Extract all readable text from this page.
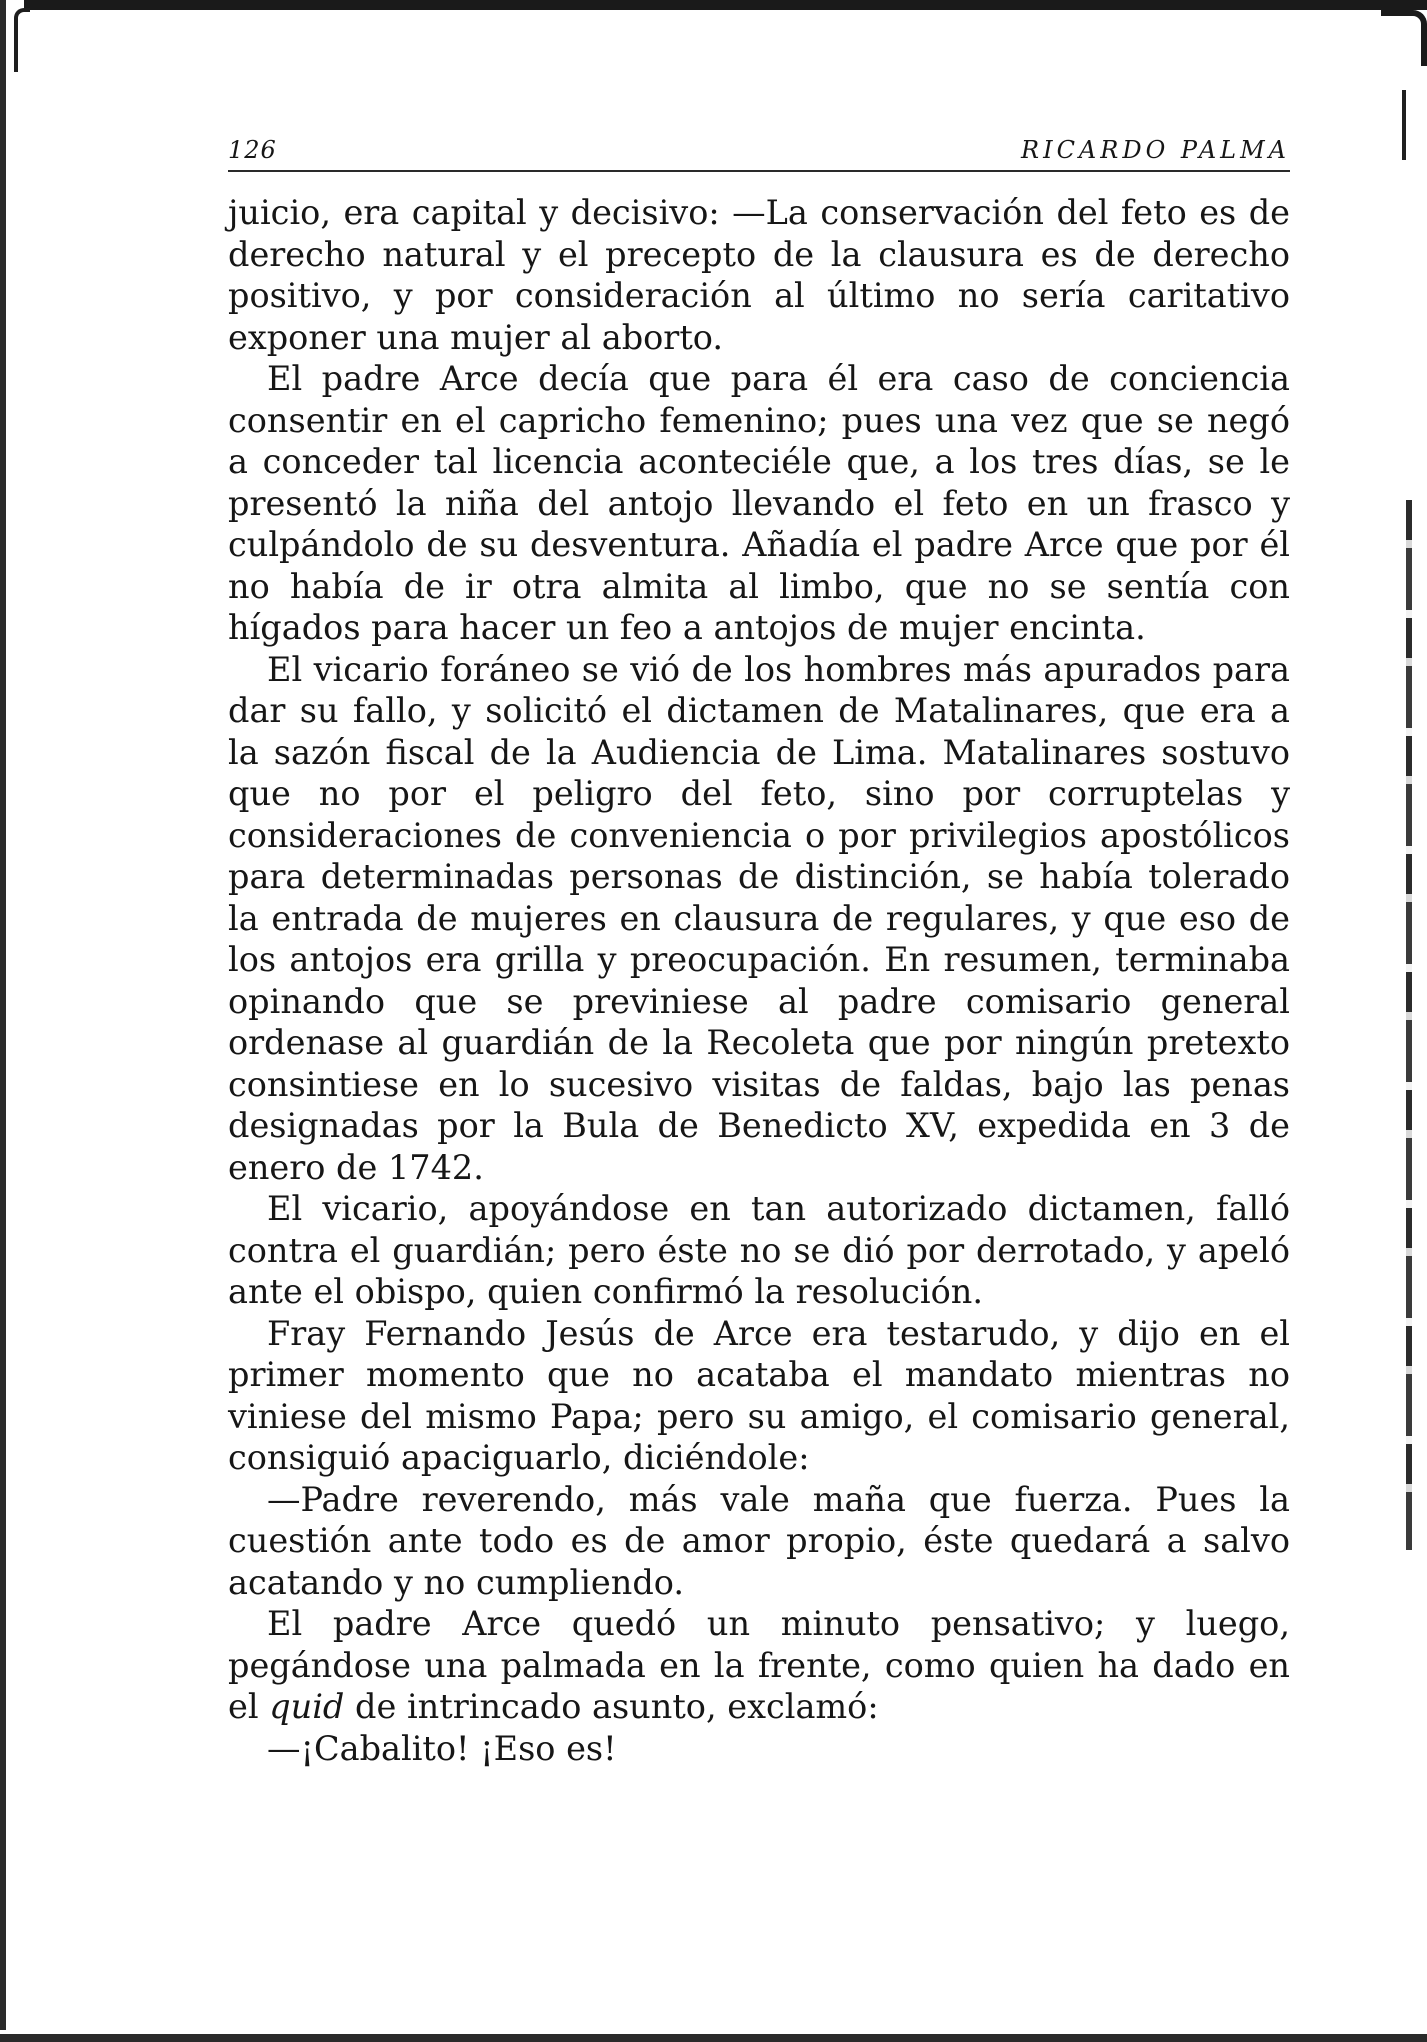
126	RICARDO PALMA

juicio, era capital y decisivo: —La conservación del feto es de derecho natural y el precepto de la clausura es de derecho positivo, y por consideración al último no sería caritativo exponer una mujer al aborto.

El padre Arce decía que para él era caso de conciencia consentir en el capricho femenino; pues una vez que se negó a conceder tal licencia aconteciéle que, a los tres días, se le presentó la niña del antojo llevando el feto en un frasco y culpándolo de su desventura. Añadía el padre Arce que por él no había de ir otra almita al limbo, que no se sentía con hígados para hacer un feo a antojos de mujer encinta.

El vicario foráneo se vió de los hombres más apurados para dar su fallo, y solicitó el dictamen de Matalinares, que era a la sazón fiscal de la Audiencia de Lima. Matalinares sostuvo que no por el peligro del feto, sino por corruptelas y consideraciones de conveniencia o por privilegios apostólicos para determinadas personas de distinción, se había tolerado la entrada de mujeres en clausura de regulares, y que eso de los antojos era grilla y preocupación. En resumen, terminaba opinando que se previniese al padre comisario general ordenase al guardián de la Recoleta que por ningún pretexto consintiese en lo sucesivo visitas de faldas, bajo las penas designadas por la Bula de Benedicto XV, expedida en 3 de enero de 1742.

El vicario, apoyándose en tan autorizado dictamen, falló contra el guardián; pero éste no se dió por derrotado, y apeló ante el obispo, quien confirmó la resolución.

Fray Fernando Jesús de Arce era testarudo, y dijo en el primer momento que no acataba el mandato mientras no viniese del mismo Papa; pero su amigo, el comisario general, consiguió apaciguarlo, diciéndole:

—Padre reverendo, más vale maña que fuerza. Pues la cuestión ante todo es de amor propio, éste quedará a salvo acatando y no cumpliendo.

El padre Arce quedó un minuto pensativo; y luego, pegándose una palmada en la frente, como quien ha dado en el quid de intrincado asunto, exclamó:

—¡Cabalito! ¡Eso es!
